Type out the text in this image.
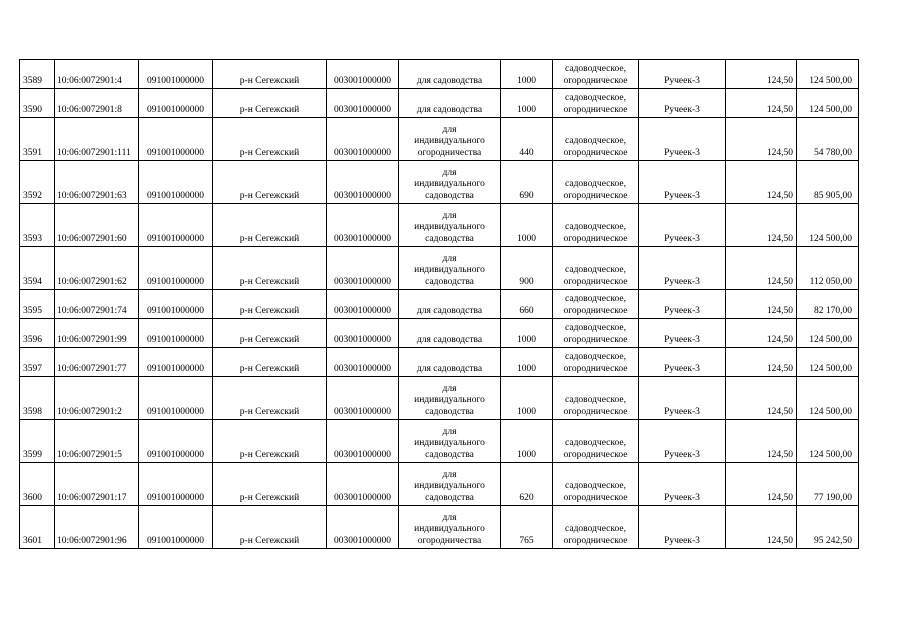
3589	10:06:0072901:4	091001000000	р-н Сегежский	003001000000	для садоводства	1000	садоводческое,
огородническое	Ручеек-3	124,50	124 500,00
3590	10:06:0072901:8	091001000000	р-н Сегежский	003001000000	для садоводства	1000	садоводческое,
огородническое	Ручеек-3	124,50	124 500,00
3591	10:06:0072901:111	091001000000	р-н Сегежский	003001000000	для
индивидуального
огородничества	440	садоводческое,
огородническое	Ручеек-3	124,50	54 780,00
3592	10:06:0072901:63	091001000000	р-н Сегежский	003001000000	для
индивидуального
садоводства	690	садоводческое,
огородническое	Ручеек-3	124,50	85 905,00
3593	10:06:0072901:60	091001000000	р-н Сегежский	003001000000	для
индивидуального
садоводства	1000	садоводческое,
огородническое	Ручеек-3	124,50	124 500,00
3594	10:06:0072901:62	091001000000	р-н Сегежский	003001000000	для
индивидуального
садоводства	900	садоводческое,
огородническое	Ручеек-3	124,50	112 050,00
3595	10:06:0072901:74	091001000000	р-н Сегежский	003001000000	для садоводства	660	садоводческое,
огородническое	Ручеек-3	124,50	82 170,00
3596	10:06:0072901:99	091001000000	р-н Сегежский	003001000000	для садоводства	1000	садоводческое,
огородническое	Ручеек-3	124,50	124 500,00
3597	10:06:0072901:77	091001000000	р-н Сегежский	003001000000	для садоводства	1000	садоводческое,
огородническое	Ручеек-3	124,50	124 500,00
3598	10:06:0072901:2	091001000000	р-н Сегежский	003001000000	для
индивидуального
садоводства	1000	садоводческое,
огородническое	Ручеек-3	124,50	124 500,00
3599	10:06:0072901:5	091001000000	р-н Сегежский	003001000000	для
индивидуального
садоводства	1000	садоводческое,
огородническое	Ручеек-3	124,50	124 500,00
3600	10:06:0072901:17	091001000000	р-н Сегежский	003001000000	для
индивидуального
садоводства	620	садоводческое,
огородническое	Ручеек-3	124,50	77 190,00
3601	10:06:0072901:96	091001000000	р-н Сегежский	003001000000	для
индивидуального
огородничества	765	садоводческое,
огородническое	Ручеек-3	124,50	95 242,50
